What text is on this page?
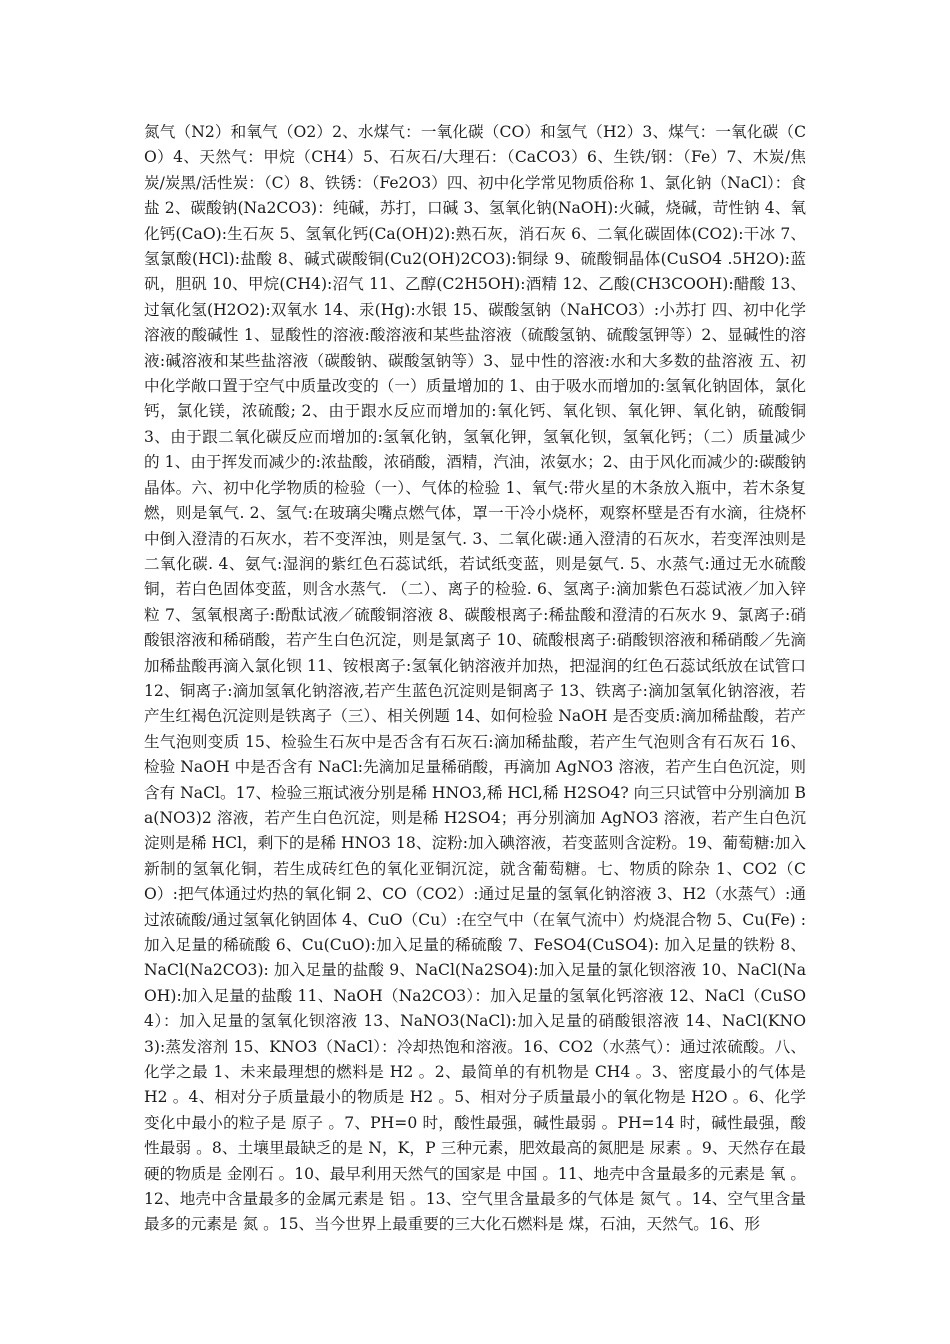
氮气（N2）和氧气（O2）2、水煤气：一氧化碳（CO）和氢气（H2）3、煤气：一氧化碳（CO）4、天然气：甲烷（CH4）5、石灰石/大理石：（CaCO3）6、生铁/钢：（Fe）7、木炭/焦炭/炭黑/活性炭：（C）8、铁锈：（Fe2O3）四、初中化学常见物质俗称 1、氯化钠（NaCl）：食盐 2、碳酸钠(Na2CO3)：纯碱，苏打，口碱 3、氢氧化钠(NaOH):火碱，烧碱，苛性钠 4、氧化钙(CaO):生石灰 5、氢氧化钙(Ca(OH)2):熟石灰，消石灰 6、二氧化碳固体(CO2):干冰 7、氢氯酸(HCl):盐酸 8、碱式碳酸铜(Cu2(OH)2CO3):铜绿 9、硫酸铜晶体(CuSO4 .5H2O):蓝矾，胆矾 10、甲烷(CH4):沼气 11、乙醇(C2H5OH):酒精 12、乙酸(CH3COOH):醋酸 13、过氧化氢(H2O2):双氧水 14、汞(Hg):水银 15、碳酸氢钠（NaHCO3）:小苏打 四、初中化学溶液的酸碱性 1、显酸性的溶液:酸溶液和某些盐溶液（硫酸氢钠、硫酸氢钾等）2、显碱性的溶液:碱溶液和某些盐溶液（碳酸钠、碳酸氢钠等）3、显中性的溶液:水和大多数的盐溶液 五、初中化学敞口置于空气中质量改变的（一）质量增加的 1、由于吸水而增加的:氢氧化钠固体，氯化钙，氯化镁，浓硫酸; 2、由于跟水反应而增加的:氧化钙、氧化钡、氧化钾、氧化钠，硫酸铜 3、由于跟二氧化碳反应而增加的:氢氧化钠，氢氧化钾，氢氧化钡，氢氧化钙；（二）质量减少的 1、由于挥发而减少的:浓盐酸，浓硝酸，酒精，汽油，浓氨水；2、由于风化而减少的:碳酸钠晶体。六、初中化学物质的检验（一）、气体的检验 1、氧气:带火星的木条放入瓶中，若木条复燃，则是氧气. 2、氢气:在玻璃尖嘴点燃气体，罩一干冷小烧杯，观察杯壁是否有水滴，往烧杯中倒入澄清的石灰水，若不变浑浊，则是氢气. 3、二氧化碳:通入澄清的石灰水，若变浑浊则是二氧化碳. 4、氨气:湿润的紫红色石蕊试纸，若试纸变蓝，则是氨气. 5、水蒸气:通过无水硫酸铜，若白色固体变蓝，则含水蒸气. （二）、离子的检验. 6、氢离子:滴加紫色石蕊试液／加入锌粒 7、氢氧根离子:酚酞试液／硫酸铜溶液 8、碳酸根离子:稀盐酸和澄清的石灰水 9、氯离子:硝酸银溶液和稀硝酸，若产生白色沉淀，则是氯离子 10、硫酸根离子:硝酸钡溶液和稀硝酸／先滴加稀盐酸再滴入氯化钡 11、铵根离子:氢氧化钠溶液并加热，把湿润的红色石蕊试纸放在试管口 12、铜离子:滴加氢氧化钠溶液,若产生蓝色沉淀则是铜离子 13、铁离子:滴加氢氧化钠溶液，若产生红褐色沉淀则是铁离子（三）、相关例题 14、如何检验 NaOH 是否变质:滴加稀盐酸，若产生气泡则变质 15、检验生石灰中是否含有石灰石:滴加稀盐酸，若产生气泡则含有石灰石 16、检验 NaOH 中是否含有 NaCl:先滴加足量稀硝酸，再滴加 AgNO3 溶液，若产生白色沉淀，则含有 NaCl。17、检验三瓶试液分别是稀 HNO3,稀 HCl,稀 H2SO4? 向三只试管中分别滴加 Ba(NO3)2 溶液，若产生白色沉淀，则是稀 H2SO4；再分别滴加 AgNO3 溶液，若产生白色沉淀则是稀 HCl，剩下的是稀 HNO3 18、淀粉:加入碘溶液，若变蓝则含淀粉。19、葡萄糖:加入新制的氢氧化铜，若生成砖红色的氧化亚铜沉淀，就含葡萄糖。七、物质的除杂 1、CO2（CO）:把气体通过灼热的氧化铜 2、CO（CO2）:通过足量的氢氧化钠溶液 3、H2（水蒸气）:通过浓硫酸/通过氢氧化钠固体 4、CuO（Cu）:在空气中（在氧气流中）灼烧混合物 5、Cu(Fe) :加入足量的稀硫酸 6、Cu(CuO):加入足量的稀硫酸 7、FeSO4(CuSO4): 加入足量的铁粉 8、NaCl(Na2CO3): 加入足量的盐酸 9、NaCl(Na2SO4):加入足量的氯化钡溶液 10、NaCl(NaOH):加入足量的盐酸 11、NaOH（Na2CO3）：加入足量的氢氧化钙溶液 12、NaCl（CuSO4）：加入足量的氢氧化钡溶液 13、NaNO3(NaCl):加入足量的硝酸银溶液 14、NaCl(KNO3):蒸发溶剂 15、KNO3（NaCl）：冷却热饱和溶液。16、CO2（水蒸气）：通过浓硫酸。八、化学之最 1、未来最理想的燃料是 H2 。2、最简单的有机物是 CH4 。3、密度最小的气体是 H2 。4、相对分子质量最小的物质是 H2 。5、相对分子质量最小的氧化物是 H2O 。6、化学变化中最小的粒子是 原子 。7、PH=0 时，酸性最强，碱性最弱 。PH=14 时，碱性最强，酸性最弱 。8、土壤里最缺乏的是 N，K，P 三种元素，肥效最高的氮肥是 尿素 。9、天然存在最硬的物质是 金刚石 。10、最早利用天然气的国家是 中国 。11、地壳中含量最多的元素是 氧 。12、地壳中含量最多的金属元素是 铝 。13、空气里含量最多的气体是 氮气 。14、空气里含量最多的元素是 氮 。15、当今世界上最重要的三大化石燃料是 煤，石油，天然气。16、形
